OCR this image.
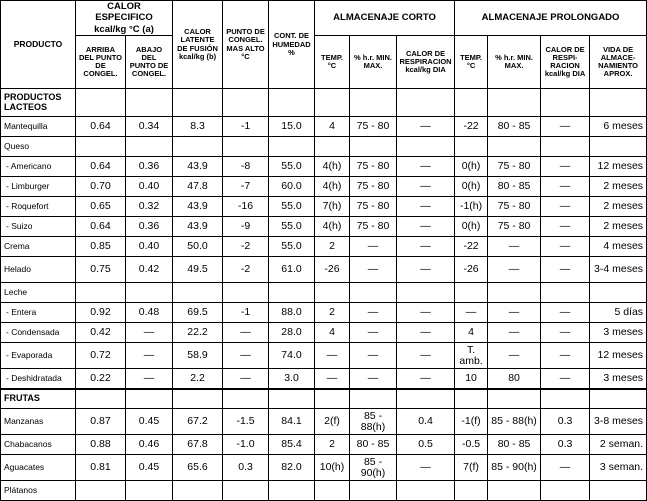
PRODUCTO	CALOR ESPECIFICO kcal/kg °C (a)		CALOR LATENTE DE FUSIÓN kcal/kg (b)	PUNTO DE CONGEL. MAS ALTO °C	CONT. DE HUMEDAD %	ALMACENAJE CORTO			ALMACENAJE PROLONGADO			
	ARRIBA DEL PUNTO DE CONGEL.	ABAJO DEL PUNTO DE CONGEL.				TEMP. °C	% h.r. MIN. MAX.	CALOR DE RESPIRACION kcal/kg DIA	TEMP. °C	% h.r. MIN. MAX.	CALOR DE RESPI-RACION kcal/kg DIA	VIDA DE ALMACE-NAMIENTO APROX.
PRODUCTOS LACTEOS												
Mantequilla	0.64	0.34	8.3	-1	15.0	4	75 - 80	—	-22	80 - 85	—	6 meses
Queso												
- Americano	0.64	0.36	43.9	-8	55.0	4(h)	75 - 80	—	0(h)	75 - 80	—	12 meses
- Limburger	0.70	0.40	47.8	-7	60.0	4(h)	75 - 80	—	0(h)	80 - 85	—	2 meses
- Roquefort	0.65	0.32	43.9	-16	55.0	7(h)	75 - 80	—	-1(h)	75 - 80	—	2 meses
- Suizo	0.64	0.36	43.9	-9	55.0	4(h)	75 - 80	—	0(h)	75 - 80	—	2 meses
Crema	0.85	0.40	50.0	-2	55.0	2	—	—	-22	—	—	4 meses
Helado	0.75	0.42	49.5	-2	61.0	-26	—	—	-26	—	—	3-4 meses
Leche												
- Entera	0.92	0.48	69.5	-1	88.0	2	—	—	—	—	—	5 días
- Condensada	0.42	—	22.2	—	28.0	4	—	—	4	—	—	3 meses
- Evaporada	0.72	—	58.9	—	74.0	—	—	—	T. amb.	—	—	12 meses
- Deshidratada	0.22	—	2.2	—	3.0	—	—	—	10	80	—	3 meses
FRUTAS												
Manzanas	0.87	0.45	67.2	-1.5	84.1	2(f)	85 - 88(h)	0.4	-1(f)	85 - 88(h)	0.3	3-8 meses
Chabacanos	0.88	0.46	67.8	-1.0	85.4	2	80 - 85	0.5	-0.5	80 - 85	0.3	2 seman.
Aguacates	0.81	0.45	65.6	0.3	82.0	10(h)	85 - 90(h)	—	7(f)	85 - 90(h)	—	3 seman.
Plátanos												
